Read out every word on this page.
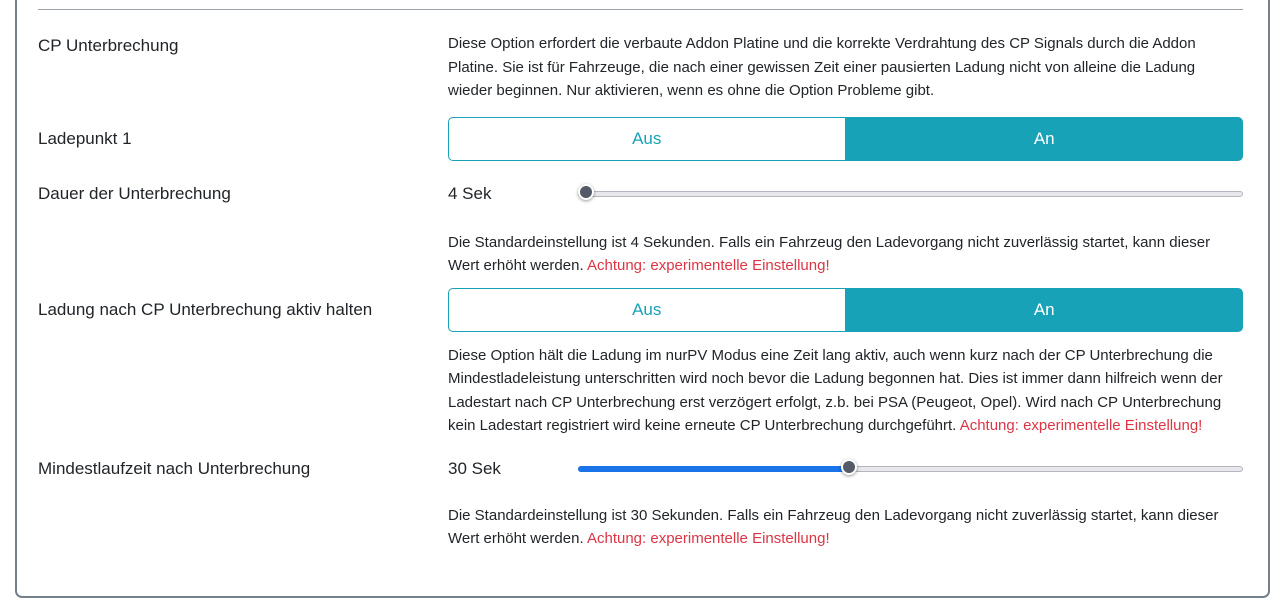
CP Unterbrechung	Diese Option erfordert die verbaute Addon Platine und die korrekte Verdrahtung des CP Signals durch die Addon Platine. Sie ist für Fahrzeuge, die nach einer gewissen Zeit einer pausierten Ladung nicht von alleine die Ladung wieder beginnen. Nur aktivieren, wenn es ohne die Option Probleme gibt.
Ladepunkt 1	Aus	An
Dauer der Unterbrechung	4 Sek
Die Standardeinstellung ist 4 Sekunden. Falls ein Fahrzeug den Ladevorgang nicht zuverlässig startet, kann dieser Wert erhöht werden. Achtung: experimentelle Einstellung!
Ladung nach CP Unterbrechung aktiv halten	Aus	An
Diese Option hält die Ladung im nurPV Modus eine Zeit lang aktiv, auch wenn kurz nach der CP Unterbrechung die Mindestladeleistung unterschritten wird noch bevor die Ladung begonnen hat. Dies ist immer dann hilfreich wenn der Ladestart nach CP Unterbrechung erst verzögert erfolgt, z.b. bei PSA (Peugeot, Opel). Wird nach CP Unterbrechung kein Ladestart registriert wird keine erneute CP Unterbrechung durchgeführt. Achtung: experimentelle Einstellung!
Mindestlaufzeit nach Unterbrechung	30 Sek
Die Standardeinstellung ist 30 Sekunden. Falls ein Fahrzeug den Ladevorgang nicht zuverlässig startet, kann dieser Wert erhöht werden. Achtung: experimentelle Einstellung!
